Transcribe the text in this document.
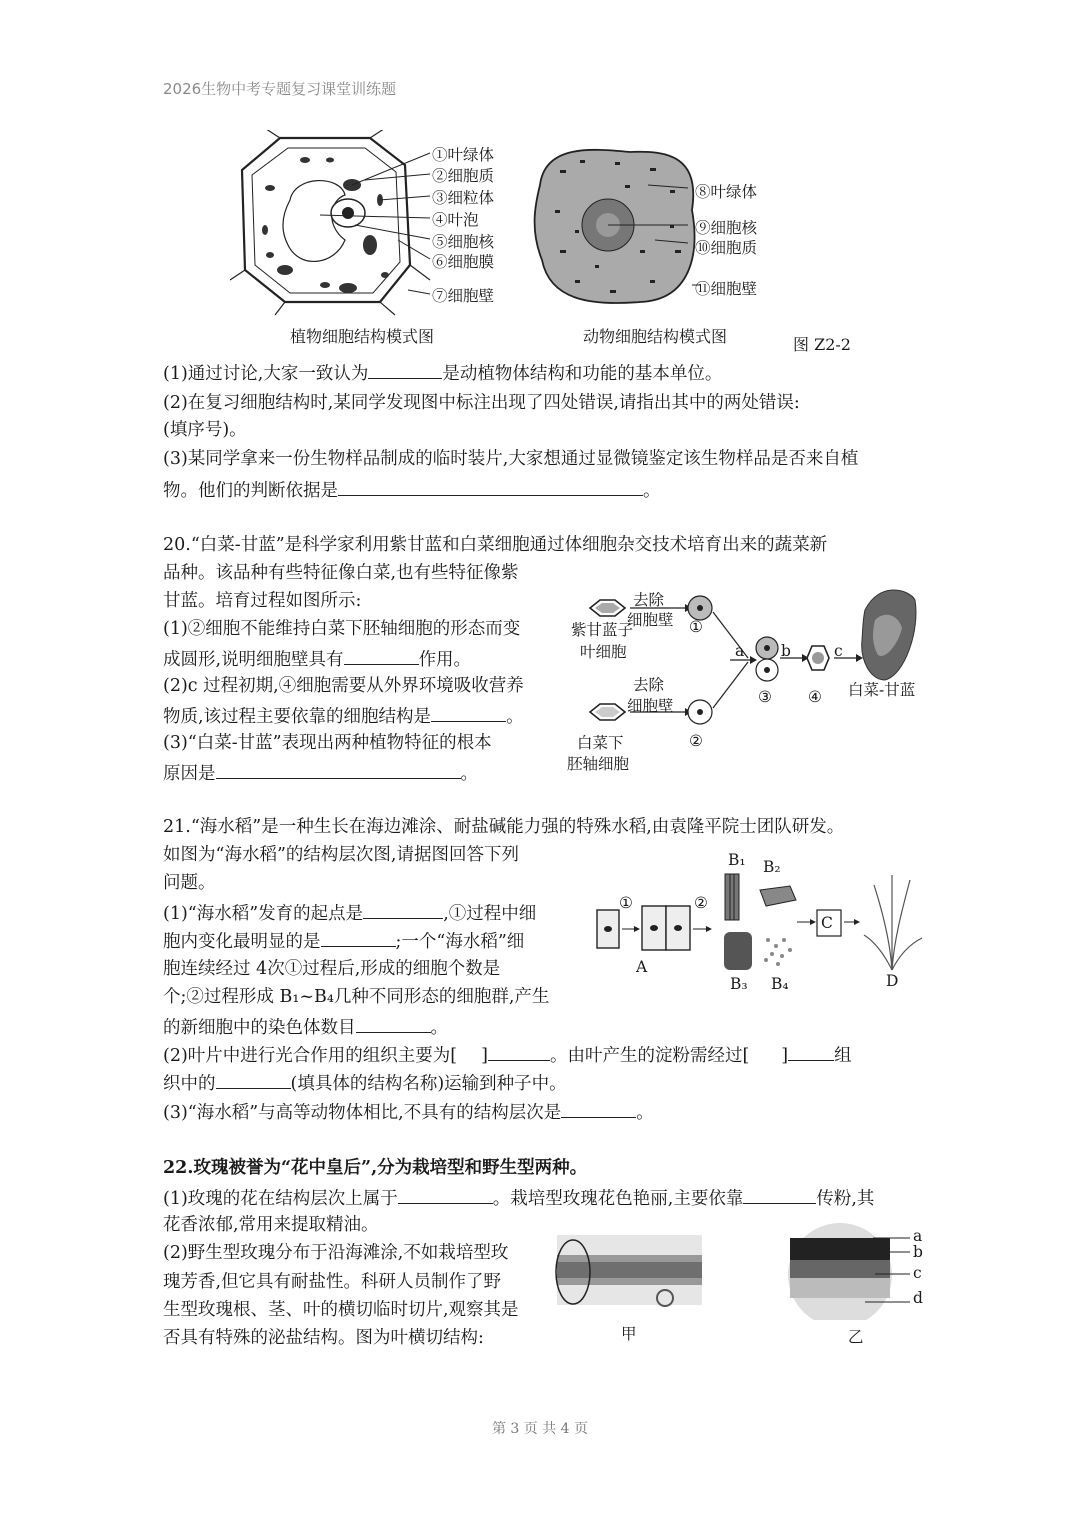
2026生物中考专题复习课堂训练题
①叶绿体
②细胞质
③细粒体
④叶泡
⑤细胞核
⑥细胞膜
⑦细胞壁
⑧叶绿体
⑨细胞核
⑩细胞质
⑪细胞壁
植物细胞结构模式图	动物细胞结构模式图	图 Z2-2
(1)通过讨论,大家一致认为	是动植物体结构和功能的基本单位。
(2)在复习细胞结构时,某同学发现图中标注出现了四处错误,请指出其中的两处错误:
(填序号)。
(3)某同学拿来一份生物样品制成的临时装片,大家想通过显微镜鉴定该生物样品是否来自植
物。他们的判断依据是	。
20.“白菜-甘蓝”是科学家利用紫甘蓝和白菜细胞通过体细胞杂交技术培育出来的蔬菜新
品种。该品种有些特征像白菜,也有些特征像紫
甘蓝。培育过程如图所示:
(1)②细胞不能维持白菜下胚轴细胞的形态而变
成圆形,说明细胞壁具有	作用。
(2)c 过程初期,④细胞需要从外界环境吸收营养
物质,该过程主要依靠的细胞结构是	。
(3)“白菜-甘蓝”表现出两种植物特征的根本
原因是	。
去除
细胞壁
紫甘蓝子
叶细胞
①
a b	c
③ ④ 白菜-甘蓝
去除
细胞壁
②
白菜下
胚轴细胞
21.“海水稻”是一种生长在海边滩涂、耐盐碱能力强的特殊水稻,由袁隆平院士团队研发。
如图为“海水稻”的结构层次图,请据图回答下列
问题。
(1)“海水稻”发育的起点是	,①过程中细
胞内变化最明显的是	;一个“海水稻”细
胞连续经过 4次①过程后,形成的细胞个数是
个;②过程形成 B₁~B₄几种不同形态的细胞群,产生
的新细胞中的染色体数目	。
(2)叶片中进行光合作用的组织主要为[ ]	。由叶产生的淀粉需经过[ ]	组
织中的	(填具体的结构名称)运输到种子中。
(3)“海水稻”与高等动物体相比,不具有的结构层次是	。
①	②
B₁ B₂
A
C
B₃ B₄	D
22.玫瑰被誉为“花中皇后”,分为栽培型和野生型两种。
(1)玫瑰的花在结构层次上属于	。栽培型玫瑰花色艳丽,主要依靠	传粉,其
花香浓郁,常用来提取精油。
(2)野生型玫瑰分布于沿海滩涂,不如栽培型玫
瑰芳香,但它具有耐盐性。科研人员制作了野
生型玫瑰根、茎、叶的横切临时切片,观察其是
否具有特殊的泌盐结构。图为叶横切结构:	甲	乙
a
b
c
d
第 3 页 共 4 页
